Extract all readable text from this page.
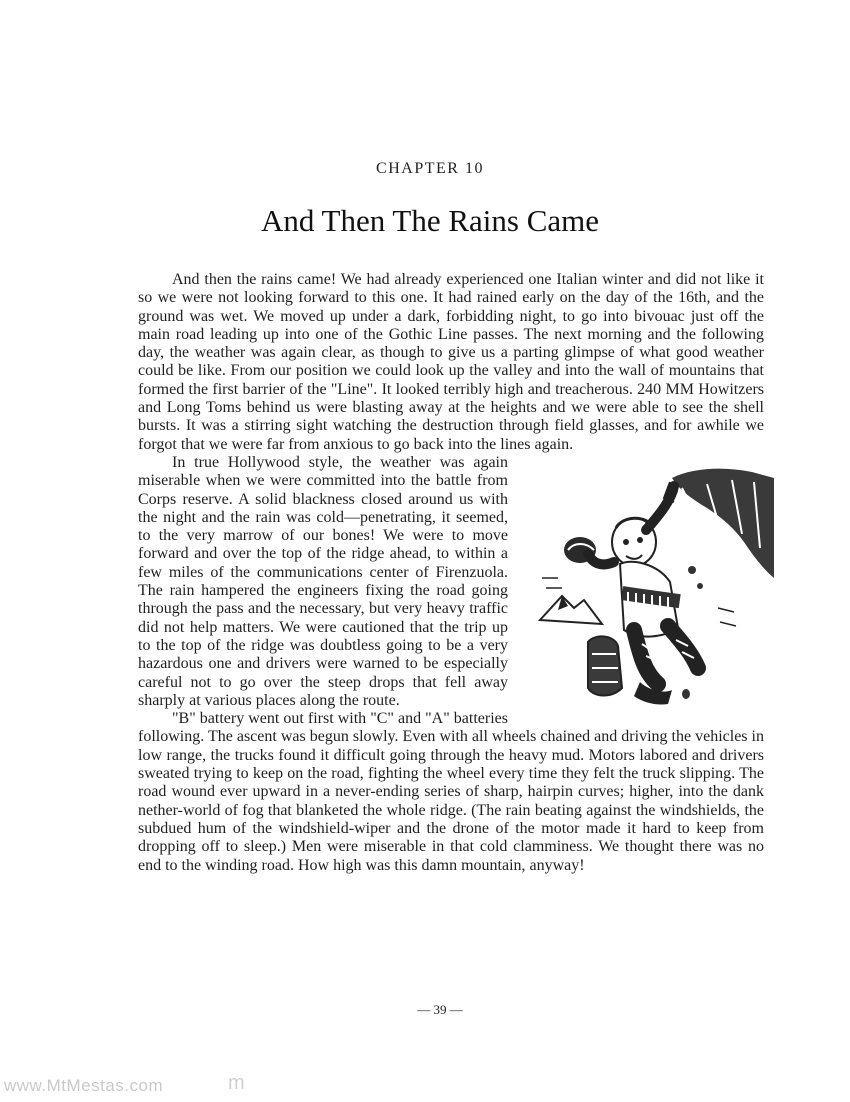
CHAPTER 10
And Then The Rains Came

And then the rains came! We had already experienced one Italian winter and did not like it so we were not looking forward to this one. It had rained early on the day of the 16th, and the ground was wet. We moved up under a dark, forbidding night, to go into bivouac just off the main road leading up into one of the Gothic Line passes. The next morning and the following day, the weather was again clear, as though to give us a parting glimpse of what good weather could be like. From our position we could look up the valley and into the wall of mountains that formed the first barrier of the "Line". It looked terribly high and treacherous. 240 MM Howitzers and Long Toms behind us were blasting away at the heights and we were able to see the shell bursts. It was a stirring sight watching the destruction through field glasses, and for awhile we forgot that we were far from anxious to go back into the lines again.

In true Hollywood style, the weather was again miserable when we were committed into the battle from Corps reserve. A solid blackness closed around us with the night and the rain was cold—penetrating, it seemed, to the very marrow of our bones! We were to move forward and over the top of the ridge ahead, to within a few miles of the communications center of Firenzuola. The rain hampered the engineers fixing the road going through the pass and the necessary, but very heavy traffic did not help matters. We were cautioned that the trip up to the top of the ridge was doubtless going to be a very hazardous one and drivers were warned to be especially careful not to go over the steep drops that fell away sharply at various places along the route.

"B" battery went out first with "C" and "A" batteries following. The ascent was begun slowly. Even with all wheels chained and driving the vehicles in low range, the trucks found it difficult going through the heavy mud. Motors labored and drivers sweated trying to keep on the road, fighting the wheel every time they felt the truck slipping. The road wound ever upward in a never-ending series of sharp, hairpin curves; higher, into the dank nether-world of fog that blanketed the whole ridge. (The rain beating against the windshields, the subdued hum of the windshield-wiper and the drone of the motor made it hard to keep from dropping off to sleep.) Men were miserable in that cold clamminess. We thought there was no end to the winding road. How high was this damn mountain, anyway!

— 39 —
www.MtMestas.com	m
